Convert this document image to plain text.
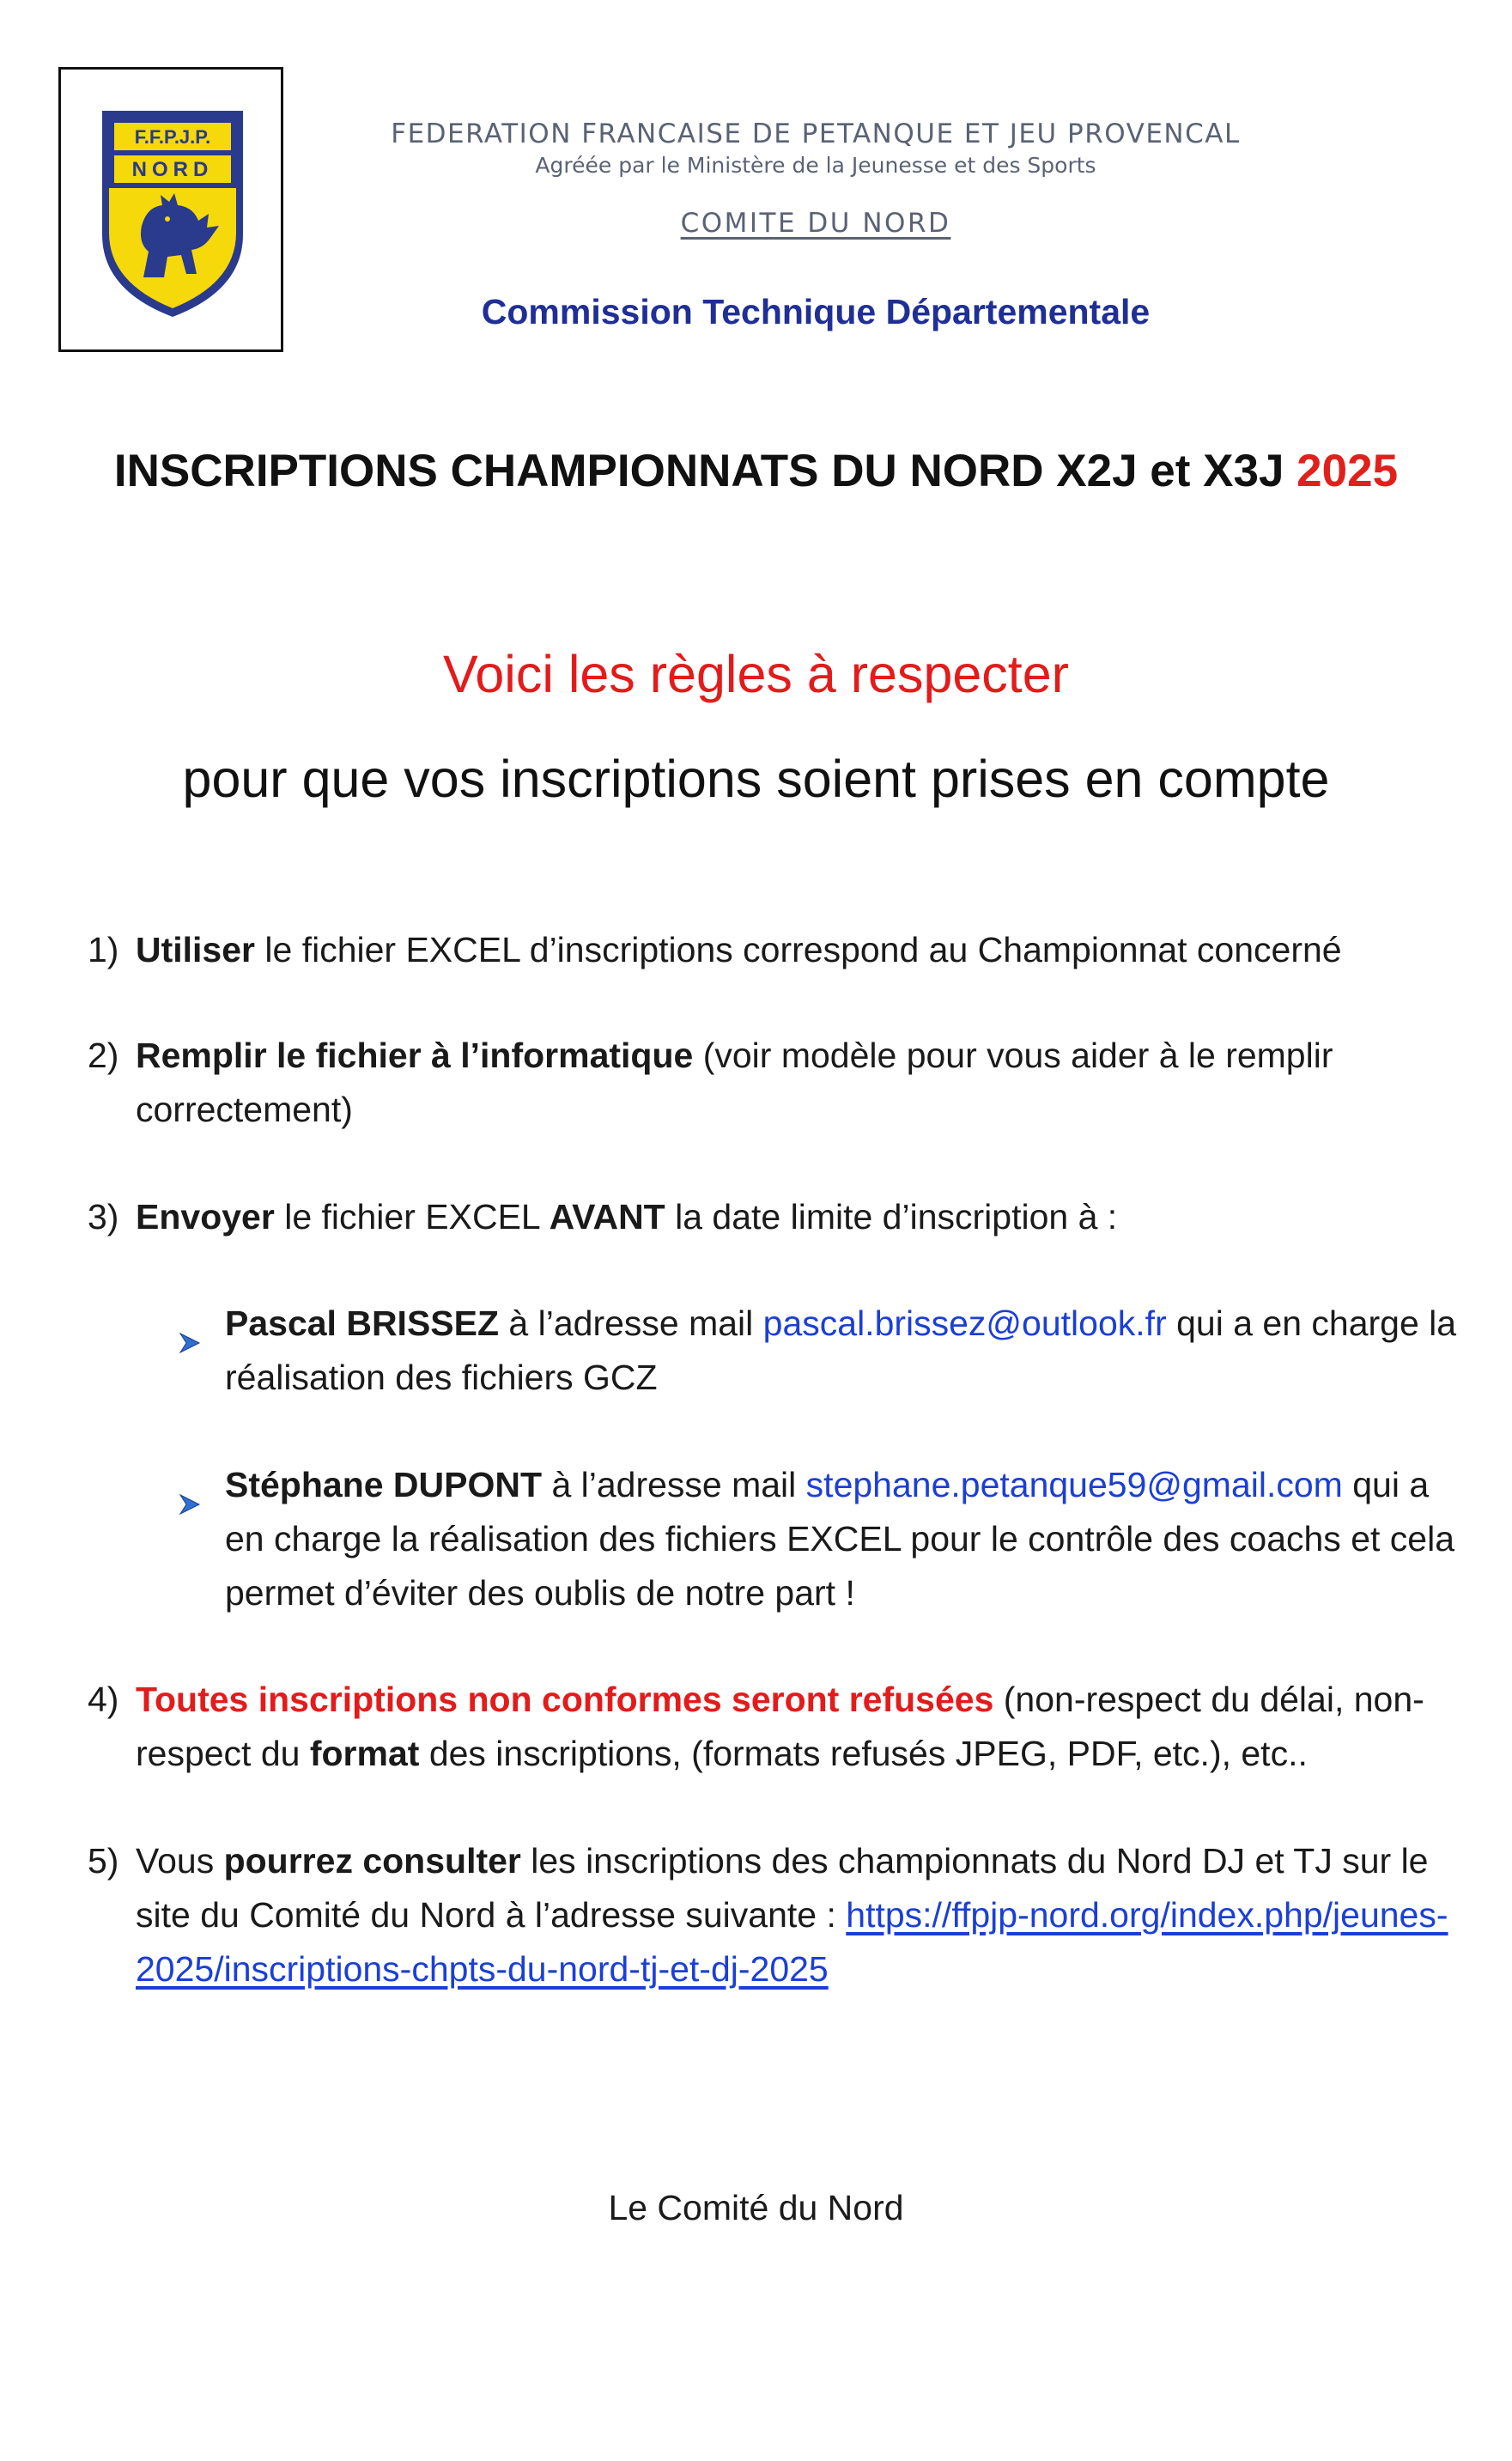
F.F.P.J.P.
NORD
FEDERATION FRANCAISE DE PETANQUE ET JEU PROVENCAL
Agréée par le Ministère de la Jeunesse et des Sports
COMITE DU NORD
Commission Technique Départementale
INSCRIPTIONS CHAMPIONNATS DU NORD X2J et X3J 2025
Voici les règles à respecter
pour que vos inscriptions soient prises en compte
1) Utiliser le fichier EXCEL d’inscriptions correspond au Championnat concerné
2) Remplir le fichier à l’informatique (voir modèle pour vous aider à le remplir correctement)
3) Envoyer le fichier EXCEL AVANT la date limite d’inscription à :
Pascal BRISSEZ à l’adresse mail pascal.brissez@outlook.fr qui a en charge la réalisation des fichiers GCZ
Stéphane DUPONT à l’adresse mail stephane.petanque59@gmail.com qui a en charge la réalisation des fichiers EXCEL pour le contrôle des coachs et cela permet d’éviter des oublis de notre part !
4) Toutes inscriptions non conformes seront refusées (non-respect du délai, non-respect du format des inscriptions, (formats refusés JPEG, PDF, etc.), etc..
5) Vous pourrez consulter les inscriptions des championnats du Nord DJ et TJ sur le site du Comité du Nord à l’adresse suivante : https://ffpjp-nord.org/index.php/jeunes-2025/inscriptions-chpts-du-nord-tj-et-dj-2025
Le Comité du Nord
